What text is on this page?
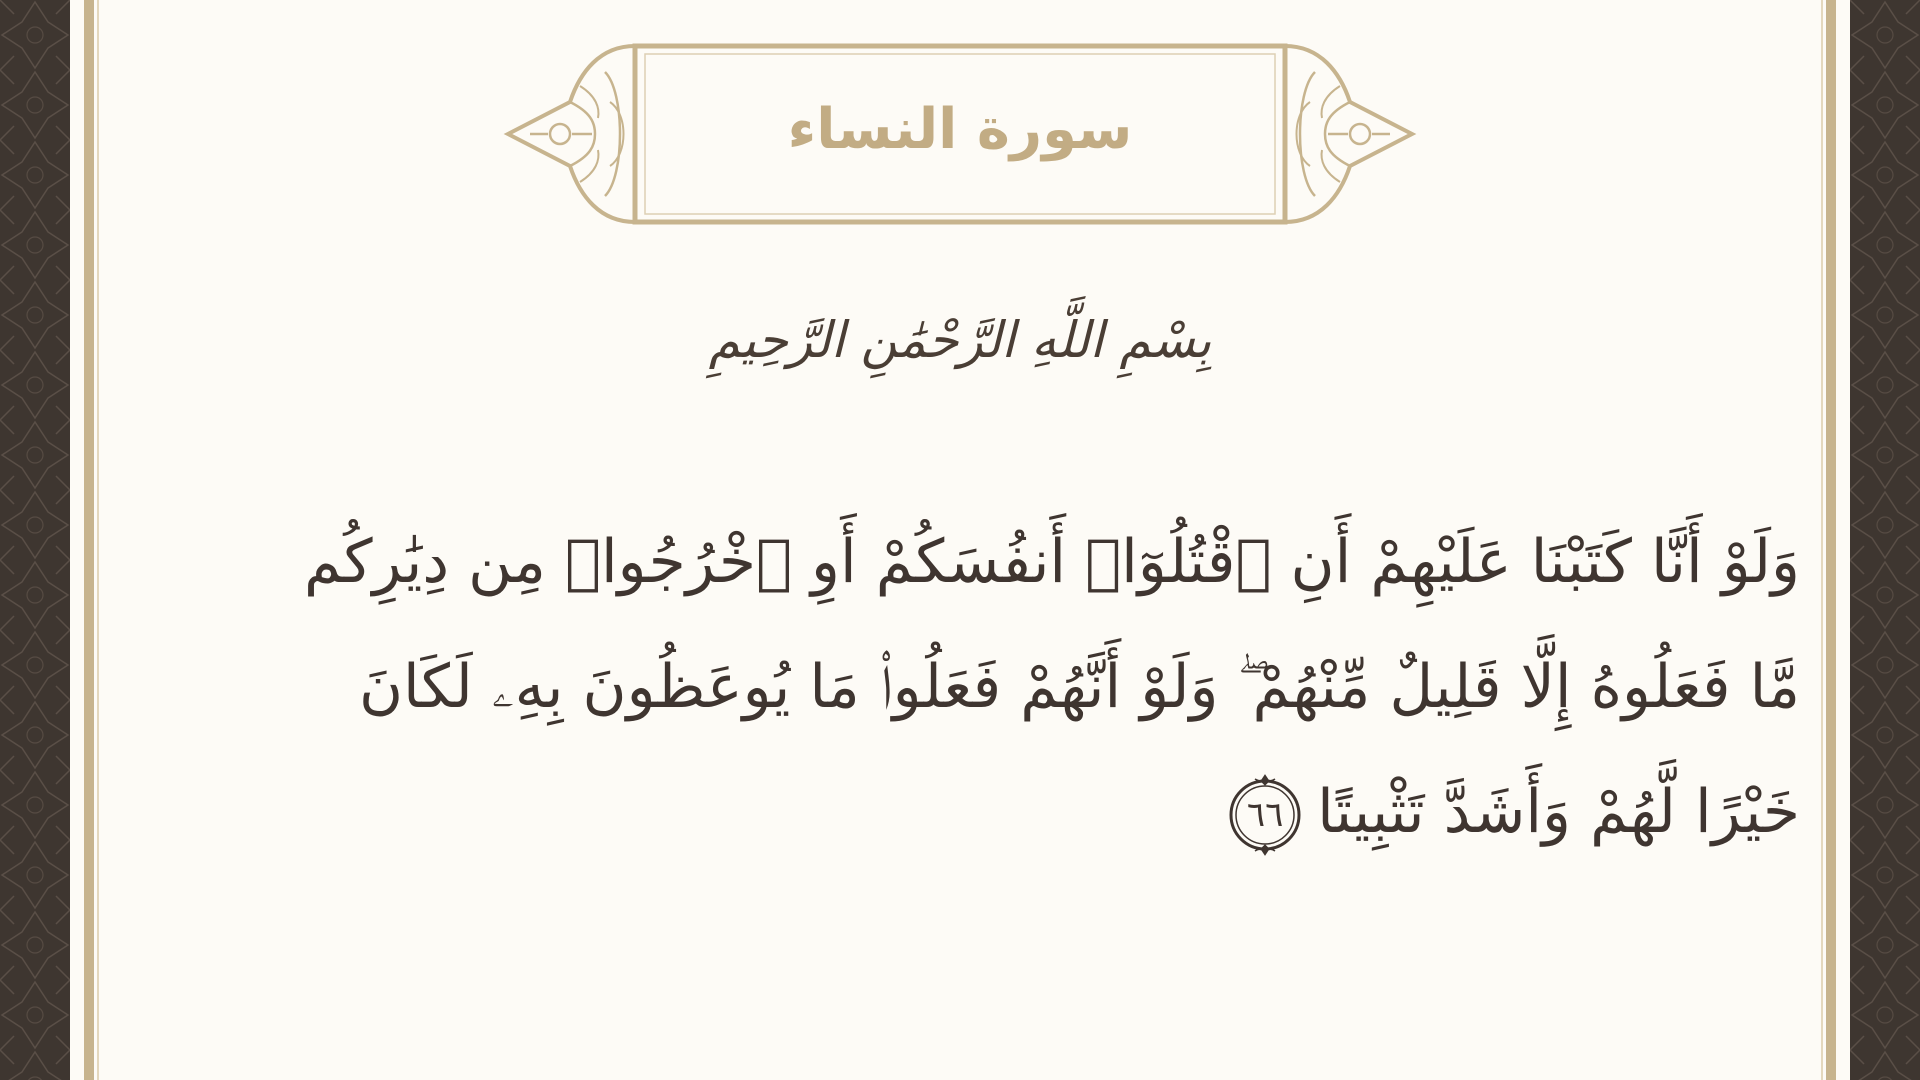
سورة النساء
بِسْمِ اللَّهِ الرَّحْمَٰنِ الرَّحِيمِ
وَلَوْ أَنَّا كَتَبْنَا عَلَيْهِمْ أَنِ ٱقْتُلُوٓا۟ أَنفُسَكُمْ أَوِ ٱخْرُجُوا۟ مِن دِيَٰرِكُم
مَّا فَعَلُوهُ إِلَّا قَلِيلٌ مِّنْهُمْ ۖ وَلَوْ أَنَّهُمْ فَعَلُوا۟ مَا يُوعَظُونَ بِهِۦ لَكَانَ
خَيْرًا لَّهُمْ وَأَشَدَّ تَثْبِيتًا
٦٦
